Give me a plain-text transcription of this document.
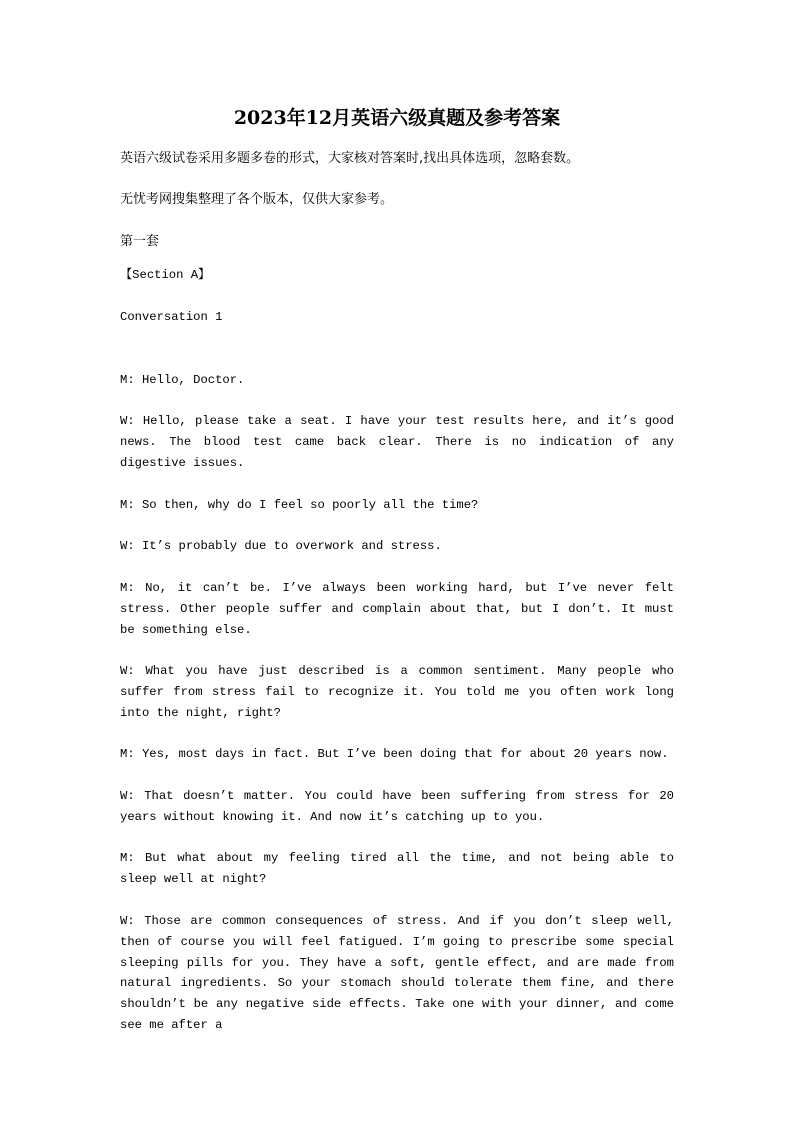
2023年12月英语六级真题及参考答案

英语六级试卷采用多题多卷的形式，大家核对答案时,找出具体选项，忽略套数。

无忧考网搜集整理了各个版本，仅供大家参考。

第一套

【Section A】

Conversation 1

M: Hello, Doctor.

W: Hello, please take a seat. I have your test results here, and it’s good news. The blood test came back clear. There is no indication of any digestive issues.

M: So then, why do I feel so poorly all the time?

W: It’s probably due to overwork and stress.

M: No, it can’t be. I’ve always been working hard, but I’ve never felt stress. Other people suffer and complain about that, but I don’t. It must be something else.

W: What you have just described is a common sentiment. Many people who suffer from stress fail to recognize it. You told me you often work long into the night, right?

M: Yes, most days in fact. But I’ve been doing that for about 20 years now.

W: That doesn’t matter. You could have been suffering from stress for 20 years without knowing it. And now it’s catching up to you.

M: But what about my feeling tired all the time, and not being able to sleep well at night?

W: Those are common consequences of stress. And if you don’t sleep well, then of course you will feel fatigued. I’m going to prescribe some special sleeping pills for you. They have a soft, gentle effect, and are made from natural ingredients. So your stomach should tolerate them fine, and there shouldn’t be any negative side effects. Take one with your dinner, and come see me after a
